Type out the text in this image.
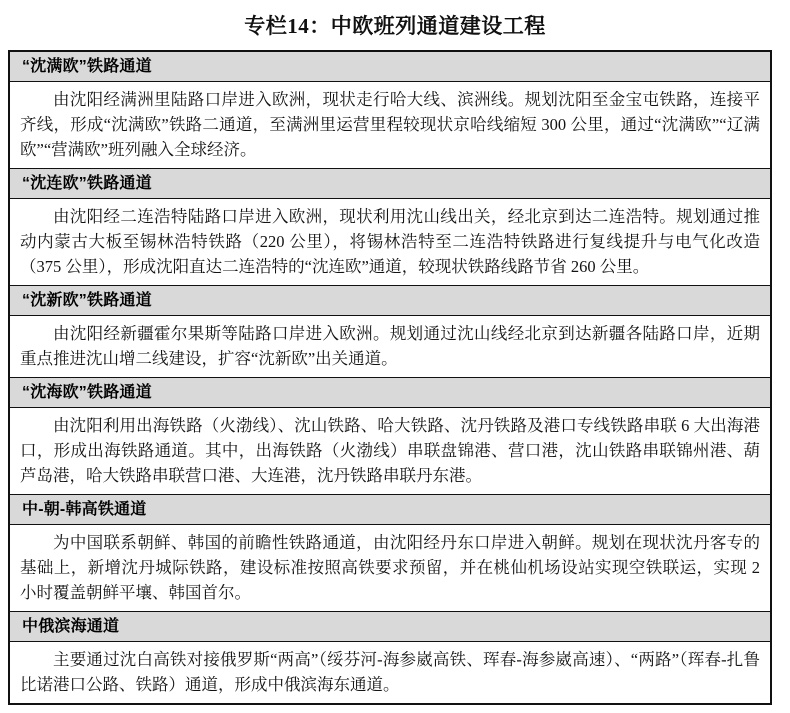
专栏14：中欧班列通道建设工程
“沈满欧”铁路通道

由沈阳经满洲里陆路口岸进入欧洲，现状走行哈大线、滨洲线。规划沈阳至金宝屯铁路，连接平齐线，形成“沈满欧”铁路二通道，至满洲里运营里程较现状京哈线缩短 300 公里，通过“沈满欧”“辽满欧”“营满欧”班列融入全球经济。

“沈连欧”铁路通道

由沈阳经二连浩特陆路口岸进入欧洲，现状利用沈山线出关，经北京到达二连浩特。规划通过推动内蒙古大板至锡林浩特铁路（220 公里），将锡林浩特至二连浩特铁路进行复线提升与电气化改造（375 公里），形成沈阳直达二连浩特的“沈连欧”通道，较现状铁路线路节省 260 公里。

“沈新欧”铁路通道

由沈阳经新疆霍尔果斯等陆路口岸进入欧洲。规划通过沈山线经北京到达新疆各陆路口岸，近期重点推进沈山增二线建设，扩容“沈新欧”出关通道。

“沈海欧”铁路通道

由沈阳利用出海铁路（火渤线）、沈山铁路、哈大铁路、沈丹铁路及港口专线铁路串联 6 大出海港口，形成出海铁路通道。其中，出海铁路（火渤线）串联盘锦港、营口港，沈山铁路串联锦州港、葫芦岛港，哈大铁路串联营口港、大连港，沈丹铁路串联丹东港。

中-朝-韩高铁通道

为中国联系朝鲜、韩国的前瞻性铁路通道，由沈阳经丹东口岸进入朝鲜。规划在现状沈丹客专的基础上，新增沈丹城际铁路，建设标准按照高铁要求预留，并在桃仙机场设站实现空铁联运，实现 2 小时覆盖朝鲜平壤、韩国首尔。

中俄滨海通道

主要通过沈白高铁对接俄罗斯“两高”（绥芬河-海参崴高铁、珲春-海参崴高速）、“两路”（珲春-扎鲁比诺港口公路、铁路）通道，形成中俄滨海东通道。
